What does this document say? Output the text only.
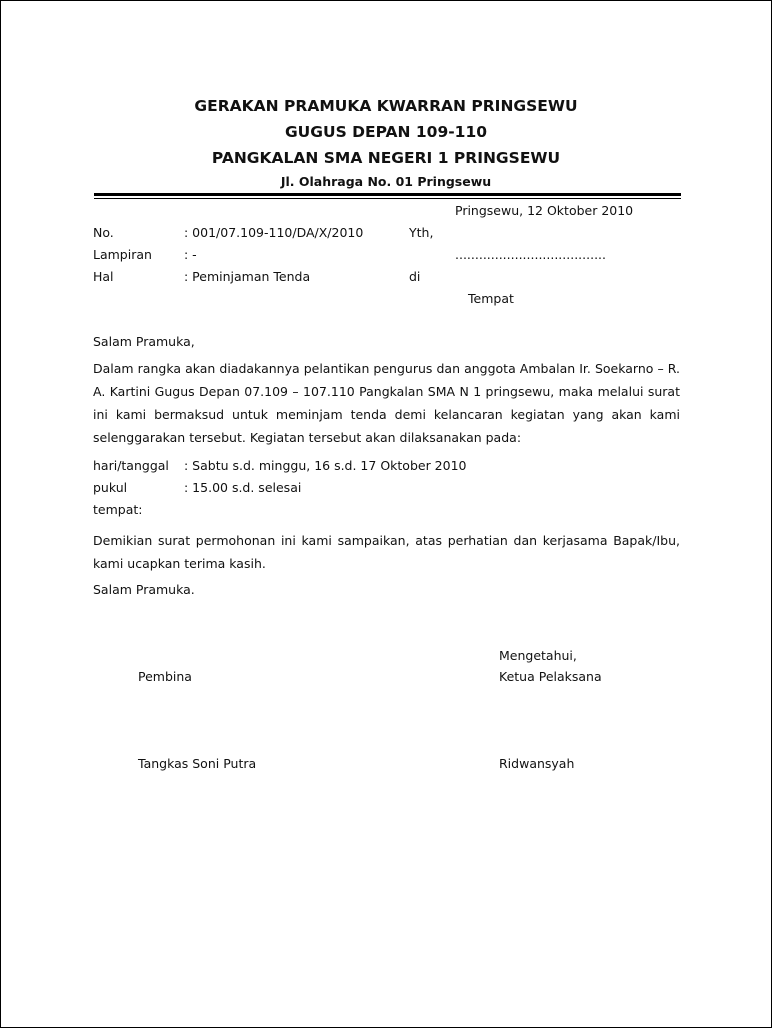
GERAKAN PRAMUKA KWARRAN PRINGSEWU
GUGUS DEPAN 109-110
PANGKALAN SMA NEGERI 1 PRINGSEWU
Jl. Olahraga No. 01 Pringsewu
Pringsewu, 12 Oktober 2010
No.	: 001/07.109-110/DA/X/2010	Yth,
Lampiran	: -	......................................
Hal	: Peminjaman Tenda	di
Tempat
Salam Pramuka,
Dalam rangka akan diadakannya pelantikan pengurus dan anggota Ambalan Ir. Soekarno – R. A. Kartini Gugus Depan 07.109 – 107.110 Pangkalan SMA N 1 pringsewu, maka melalui surat ini kami bermaksud untuk meminjam tenda demi kelancaran kegiatan yang akan kami selenggarakan tersebut. Kegiatan tersebut akan dilaksanakan pada:
hari/tanggal : Sabtu s.d. minggu, 16 s.d. 17 Oktober 2010
pukul	: 15.00 s.d. selesai
tempat:
Demikian surat permohonan ini kami sampaikan, atas perhatian dan kerjasama Bapak/Ibu, kami ucapkan terima kasih.
Salam Pramuka.
Mengetahui,
Pembina	Ketua Pelaksana
Tangkas Soni Putra	Ridwansyah
